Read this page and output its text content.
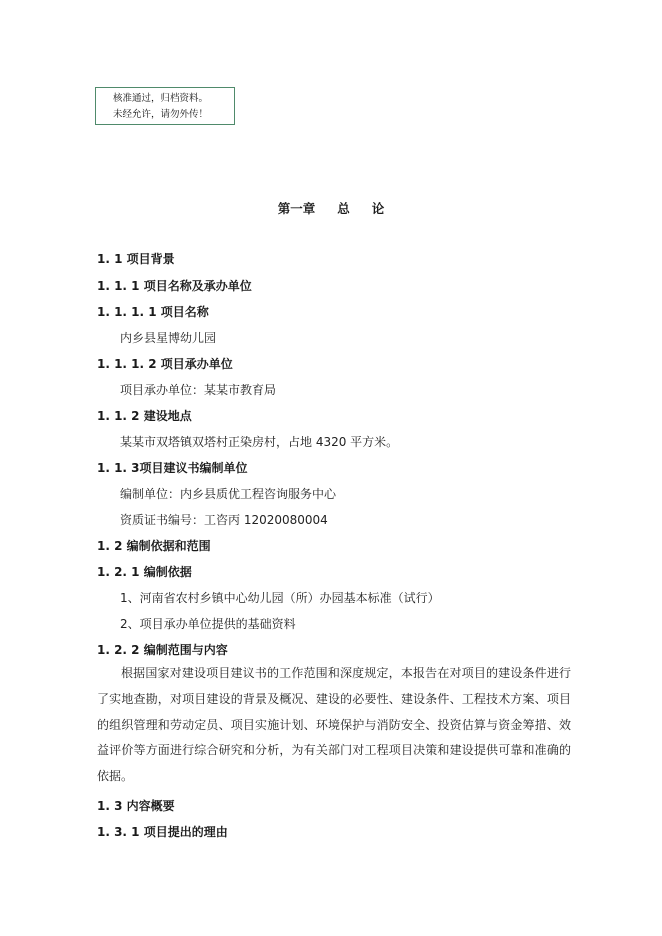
核准通过，归档资料。
未经允许，请勿外传！
第一章 总 论
1. 1 项目背景
1. 1. 1 项目名称及承办单位
1. 1. 1. 1 项目名称
内乡县星博幼儿园
1. 1. 1. 2 项目承办单位
项目承办单位：某某市教育局
1. 1. 2 建设地点
某某市双塔镇双塔村正染房村，占地 4320 平方米。
1. 1. 3项目建议书编制单位
编制单位：内乡县质优工程咨询服务中心
资质证书编号：工咨丙 12020080004
1. 2 编制依据和范围
1. 2. 1 编制依据
1、河南省农村乡镇中心幼儿园（所）办园基本标准（试行）
2、项目承办单位提供的基础资料
1. 2. 2 编制范围与内容
根据国家对建设项目建议书的工作范围和深度规定，本报告在对项目的建设条件进行了实地查勘，对项目建设的背景及概况、建设的必要性、建设条件、工程技术方案、项目的组织管理和劳动定员、项目实施计划、环境保护与消防安全、投资估算与资金筹措、效益评价等方面进行综合研究和分析，为有关部门对工程项目决策和建设提供可靠和准确的依据。
1. 3 内容概要
1. 3. 1 项目提出的理由
